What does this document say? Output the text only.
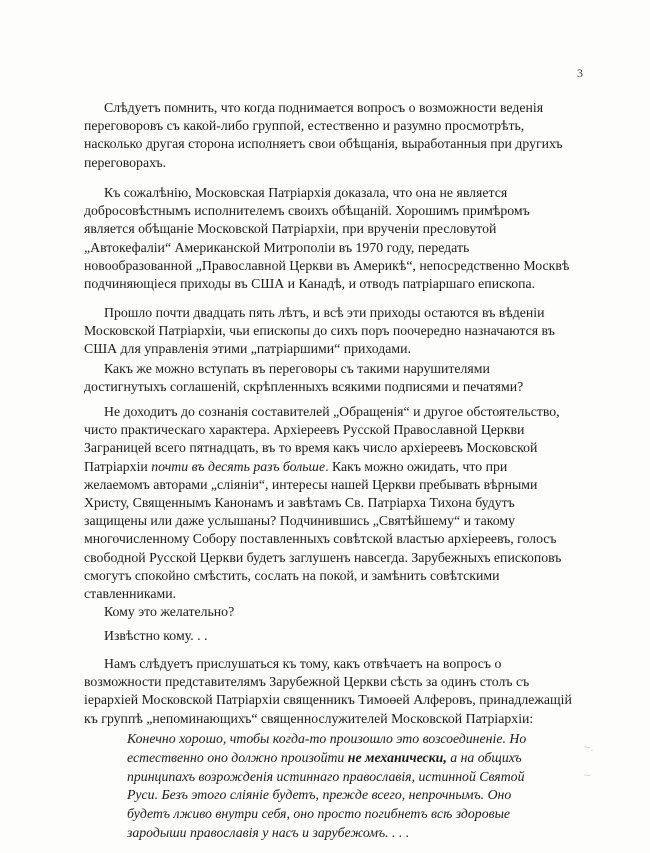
3

Слѣдуетъ помнить, что когда поднимается вопросъ о возможности веденія
переговоровъ съ какой-либо группой, естественно и разумно просмотрѣть,
насколько другая сторона исполняетъ свои обѣщанія, выработанныя при другихъ
переговорахъ.

Къ сожалѣнію, Московская Патріархія доказала, что она не является
добросовѣстнымъ исполнителемъ своихъ обѣщаній. Хорошимъ примѣромъ
является обѣщаніе Московской Патріархіи, при врученіи пресловутой
„Автокефаліи“ Американской Митрополіи въ 1970 году, передать
новообразованной „Православной Церкви въ Америкѣ“, непосредственно Москвѣ
подчиняющіеся приходы въ США и Канадѣ, и отводъ патріаршаго епископа.

Прошло почти двадцать пять лѣтъ, и всѣ эти приходы остаются въ вѣденіи
Московской Патріархіи, чьи епископы до сихъ поръ поочередно назначаются въ
США для управленія этими „патріаршими“ приходами.

Какъ же можно вступать въ переговоры съ такими нарушителями
достигнутыхъ соглашеній, скрѣпленныхъ всякими подписями и печатями?

Не доходитъ до сознанія составителей „Обращенія“ и другое обстоятельство,
чисто практическаго характера. Архіереевъ Русской Православной Церкви
Заграницей всего пятнадцать, въ то время какъ число архіереевъ Московской
Патріархіи почти въ десять разъ больше. Какъ можно ожидать, что при
желаемомъ авторами „сліяніи“, интересы нашей Церкви пребывать вѣрными
Христу, Священнымъ Канонамъ и завѣтамъ Св. Патріарха Тихона будутъ
защищены или даже услышаны? Подчинившись „Святѣйшему“ и такому
многочисленному Собору поставленныхъ совѣтской властью архіереевъ, голосъ
свободной Русской Церкви будетъ заглушенъ навсегда. Зарубежныхъ епископовъ
смогутъ спокойно смѣстить, сослать на покой, и замѣнить совѣтскими
ставленниками.

Кому это желательно?

Извѣстно кому. . .

Намъ слѣдуетъ прислушаться къ тому, какъ отвѣчаетъ на вопросъ о
возможности представителямъ Зарубежной Церкви сѣсть за одинъ столъ съ
іерархіей Московской Патріархіи священникъ Тимоѳей Алферовъ, принадлежащій
къ группѣ „непоминающихъ“ священнослужителей Московской Патріархіи:

Конечно хорошо, чтобы когда-то произошло это возсоединеніе. Но
естественно оно должно произойти не механически, а на общихъ
принципахъ возрожденія истиннаго православія, истинной Святой
Руси. Безъ этого сліяніе будетъ, прежде всего, непрочнымъ. Оно
будетъ лживо внутри себя, оно просто погибнетъ вcѣ здоровые
зародыши православія у насъ и зарубежомъ. . . .

~.
~
